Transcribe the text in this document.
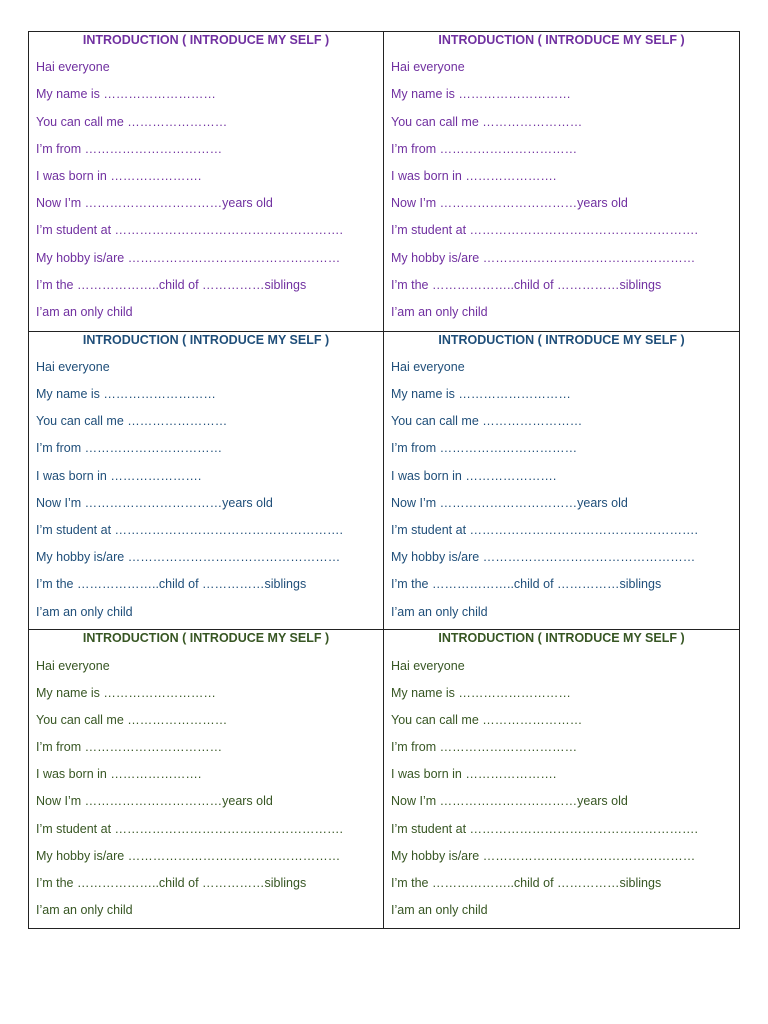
INTRODUCTION ( INTRODUCE MY SELF )
Hai everyone
My name is ………………………
You can call me ……………………
I’m from ……………………………
I was born in ………………….
Now I’m ……………………………years old
I’m student at ……………………………………………….
My hobby is/are ……………………………………………
I’m the ………………..child of ……………siblings
I’am an only child
INTRODUCTION ( INTRODUCE MY SELF )
Hai everyone
My name is ………………………
You can call me ……………………
I’m from ……………………………
I was born in ………………….
Now I’m ……………………………years old
I’m student at ……………………………………………….
My hobby is/are ……………………………………………
I’m the ………………..child of ……………siblings
I’am an only child
INTRODUCTION ( INTRODUCE MY SELF )
Hai everyone
My name is ………………………
You can call me ……………………
I’m from ……………………………
I was born in ………………….
Now I’m ……………………………years old
I’m student at ……………………………………………….
My hobby is/are ……………………………………………
I’m the ………………..child of ……………siblings
I’am an only child
INTRODUCTION ( INTRODUCE MY SELF )
Hai everyone
My name is ………………………
You can call me ……………………
I’m from ……………………………
I was born in ………………….
Now I’m ……………………………years old
I’m student at ……………………………………………….
My hobby is/are ……………………………………………
I’m the ………………..child of ……………siblings
I’am an only child
INTRODUCTION ( INTRODUCE MY SELF )
Hai everyone
My name is ………………………
You can call me ……………………
I’m from ……………………………
I was born in ………………….
Now I’m ……………………………years old
I’m student at ……………………………………………….
My hobby is/are ……………………………………………
I’m the ………………..child of ……………siblings
I’am an only child
INTRODUCTION ( INTRODUCE MY SELF )
Hai everyone
My name is ………………………
You can call me ……………………
I’m from ……………………………
I was born in ………………….
Now I’m ……………………………years old
I’m student at ……………………………………………….
My hobby is/are ……………………………………………
I’m the ………………..child of ……………siblings
I’am an only child
